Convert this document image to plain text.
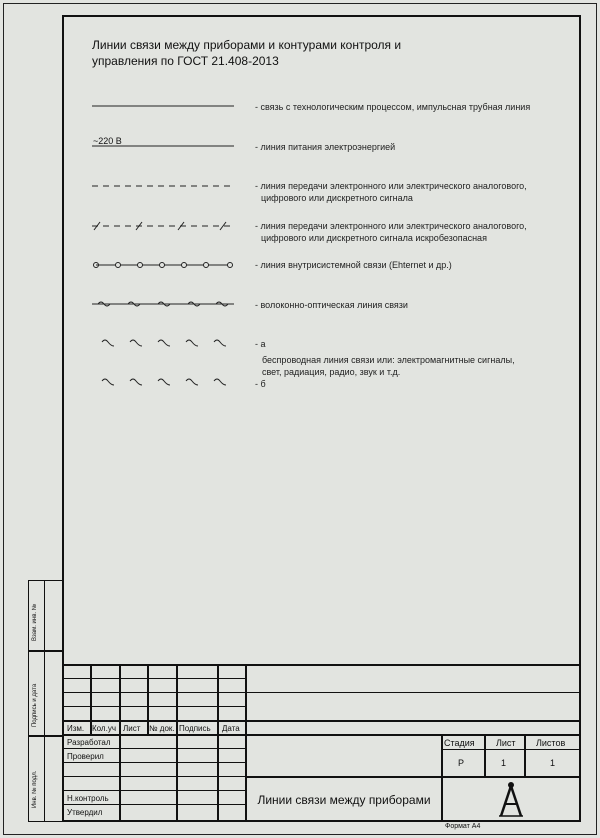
Линии связи между приборами и контурами контроля и
управления по ГОСТ 21.408-2013
- связь с технологическим процессом, импульсная трубная линия
~220 В
- линия питания электроэнергией
- линия передачи электронного или электрического аналогового,
цифрового или дискретного сигнала
- линия передачи электронного или электрического аналогового,
цифрового или дискретного сигнала искробезопасная
- линия внутрисистемной связи (Ehternet и др.)
- волоконно-оптическая линия связи
- а
беспроводная линия связи или: электромагнитные сигналы,
свет, радиация, радио, звук и т.д.
- б
Взам. инв. №
Подпись и дата
Инв. № подл.
Изм. Кол.уч Лист № док. Подпись Дата
Разработал
Проверил
Н.контроль
Утвердил
Стадия Лист Листов
Р	1	1
Линии связи между приборами
Формат А4
